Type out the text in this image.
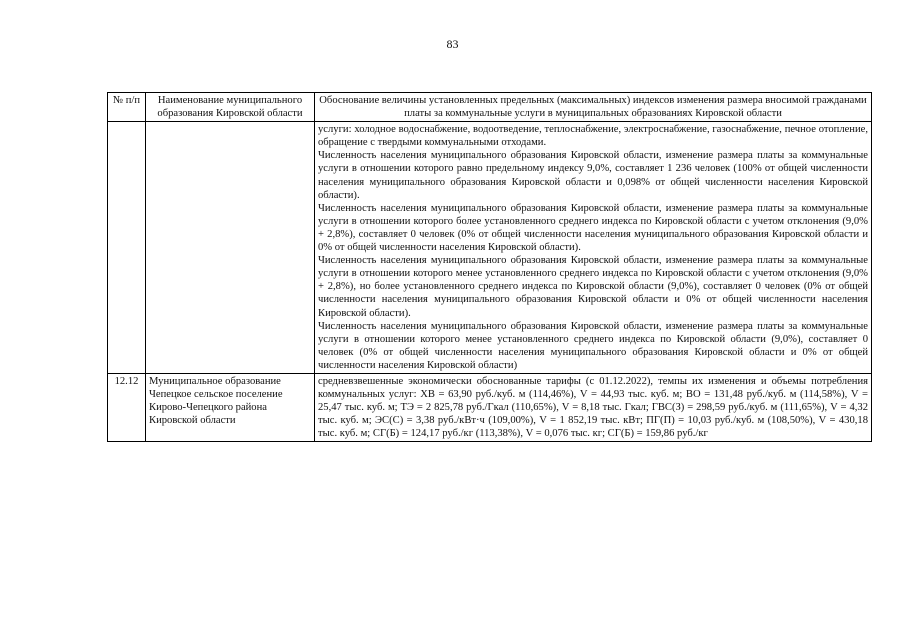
83
№ п/п	Наименование муниципального образования Кировской области	Обоснование величины установленных предельных (максимальных) индексов изменения размера вносимой гражданами платы за коммунальные услуги в муниципальных образованиях Кировской области

		услуги: холодное водоснабжение, водоотведение, теплоснабжение, электроснабжение, газоснабжение, печное отопление, обращение с твердыми коммунальными отходами.

Численность населения муниципального образования Кировской области, изменение размера платы за коммунальные услуги в отношении которого равно предельному индексу 9,0%, составляет 1 236 человек (100% от общей численности населения муниципального образования Кировской области и 0,098% от общей численности населения Кировской области).

Численность населения муниципального образования Кировской области, изменение размера платы за коммунальные услуги в отношении которого более установленного среднего индекса по Кировской области с учетом отклонения (9,0% + 2,8%), составляет 0 человек (0% от общей численности населения муниципального образования Кировской области и 0% от общей численности населения Кировской области).

Численность населения муниципального образования Кировской области, изменение размера платы за коммунальные услуги в отношении которого менее установленного среднего индекса по Кировской области с учетом отклонения (9,0% + 2,8%), но более установленного среднего индекса по Кировской области (9,0%), составляет 0 человек (0% от общей численности населения муниципального образования Кировской области и 0% от общей численности населения Кировской области).

Численность населения муниципального образования Кировской области, изменение размера платы за коммунальные услуги в отношении которого менее установленного среднего индекса по Кировской области (9,0%), составляет 0 человек (0% от общей численности населения муниципального образования Кировской области и 0% от общей численности населения Кировской области)

12.12	Муниципальное образование Чепецкое сельское поселение Кирово-Чепецкого района Кировской области	средневзвешенные экономически обоснованные тарифы (с 01.12.2022), темпы их изменения и объемы потребления коммунальных услуг: ХВ = 63,90 руб./куб. м (114,46%), V = 44,93 тыс. куб. м; ВО = 131,48 руб./куб. м (114,58%), V = 25,47 тыс. куб. м; ТЭ = 2 825,78 руб./Гкал (110,65%), V = 8,18 тыс. Гкал; ГВС(З) = 298,59 руб./куб. м (111,65%), V = 4,32 тыс. куб. м; ЭС(С) = 3,38 руб./кВт·ч (109,00%), V = 1 852,19 тыс. кВт; ПГ(П) = 10,03 руб./куб. м (108,50%), V = 430,18 тыс. куб. м; СГ(Б) = 124,17 руб./кг (113,38%), V = 0,076 тыс. кг; СГ(Б) = 159,86 руб./кг
